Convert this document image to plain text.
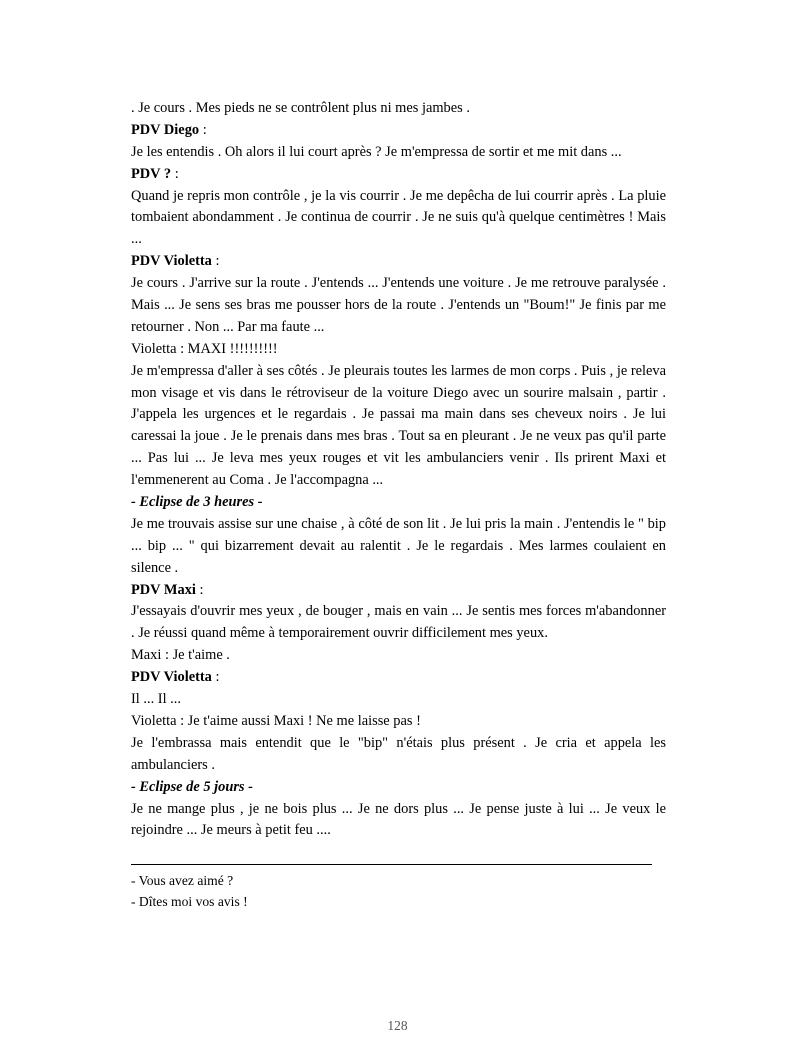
. Je cours . Mes pieds ne se contrôlent plus ni mes jambes .

PDV Diego :

Je les entendis . Oh alors il lui court après ? Je m'empressa de sortir et me mit dans ...

PDV ? :

Quand je repris mon contrôle , je la vis courrir . Je me depêcha de lui courrir après . La pluie tombaient abondamment . Je continua de courrir . Je ne suis qu'à quelque centimètres ! Mais ...

PDV Violetta :

Je cours . J'arrive sur la route . J'entends ... J'entends une voiture . Je me retrouve paralysée . Mais ... Je sens ses bras me pousser hors de la route . J'entends un "Boum!" Je finis par me retourner . Non ... Par ma faute ...

Violetta : MAXI !!!!!!!!!!

Je m'empressa d'aller à ses côtés . Je pleurais toutes les larmes de mon corps . Puis , je releva mon visage et vis dans le rétroviseur de la voiture Diego avec un sourire malsain , partir . J'appela les urgences et le regardais . Je passai ma main dans ses cheveux noirs . Je lui caressai la joue . Je le prenais dans mes bras . Tout sa en pleurant . Je ne veux pas qu'il parte ... Pas lui ... Je leva mes yeux rouges et vit les ambulanciers venir . Ils prirent Maxi et l'emmenerent au Coma . Je l'accompagna ...

- Eclipse de 3 heures -

Je me trouvais assise sur une chaise , à côté de son lit . Je lui pris la main . J'entendis le " bip ... bip ... " qui bizarrement devait au ralentit . Je le regardais . Mes larmes coulaient en silence .

PDV Maxi :

J'essayais d'ouvrir mes yeux , de bouger , mais en vain ... Je sentis mes forces m'abandonner . Je réussi quand même à temporairement ouvrir difficilement mes yeux.

Maxi : Je t'aime .

PDV Violetta :

Il ... Il ...

Violetta : Je t'aime aussi Maxi ! Ne me laisse pas !

Je l'embrassa mais entendit que le "bip" n'étais plus présent . Je cria et appela les ambulanciers .

- Eclipse de 5 jours -

Je ne mange plus , je ne bois plus ... Je ne dors plus ... Je pense juste à lui ... Je veux le rejoindre ... Je meurs à petit feu ....

- Vous avez aimé ?

- Dîtes moi vos avis !

128
